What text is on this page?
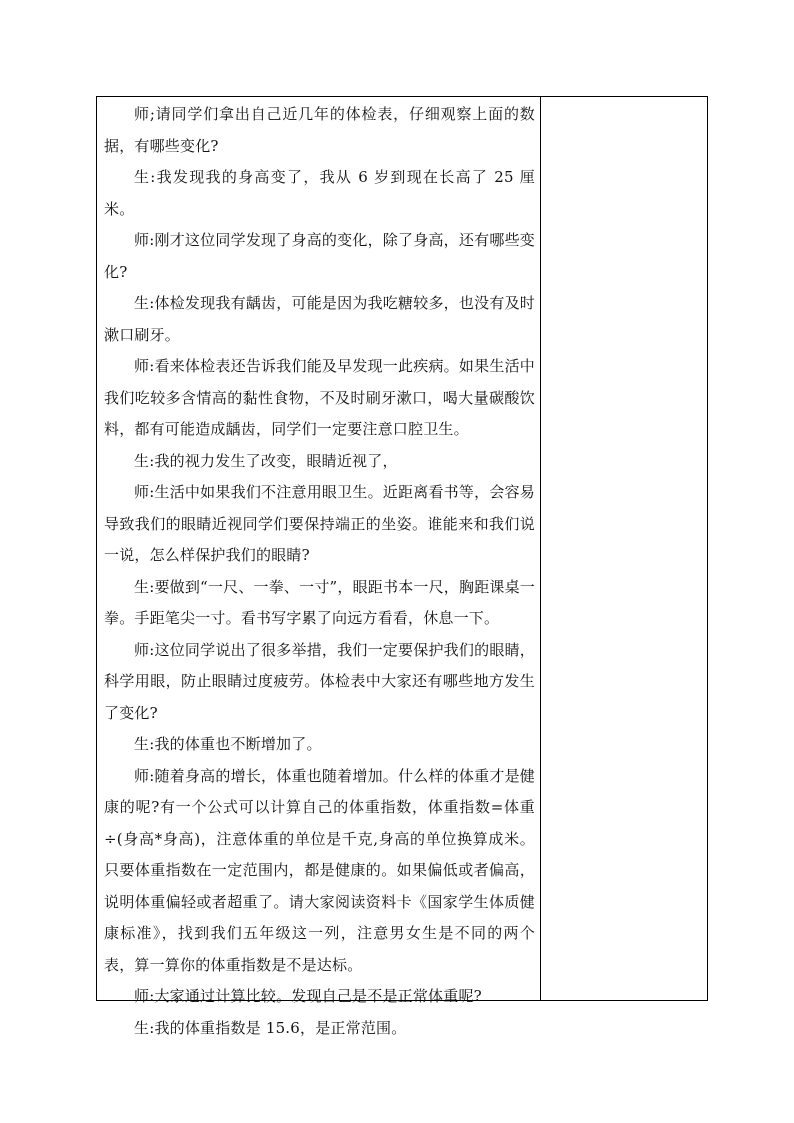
师;请同学们拿出自己近几年的体检表，仔细观察上面的数据，有哪些变化?

生:我发现我的身高变了，我从 6 岁到现在长高了 25 厘米。

师:刚才这位同学发现了身高的变化，除了身高，还有哪些变化?

生:体检发现我有龋齿，可能是因为我吃糖较多，也没有及时漱口刷牙。

师:看来体检表还告诉我们能及早发现一此疾病。如果生活中我们吃较多含情高的黏性食物，不及时刷牙漱口，喝大量碳酸饮料，都有可能造成龋齿，同学们一定要注意口腔卫生。

生:我的视力发生了改变，眼睛近视了，

师:生活中如果我们不注意用眼卫生。近距离看书等，会容易导致我们的眼睛近视同学们要保持端正的坐姿。谁能来和我们说一说，怎么样保护我们的眼睛?

生:要做到“一尺、一拳、一寸”，眼距书本一尺，胸距课桌一拳。手距笔尖一寸。看书写字累了向远方看看，休息一下。

师:这位同学说出了很多举措，我们一定要保护我们的眼睛，科学用眼，防止眼睛过度疲劳。体检表中大家还有哪些地方发生了变化?

生:我的体重也不断增加了。

师:随着身高的增长，体重也随着增加。什么样的体重才是健康的呢?有一个公式可以计算自己的体重指数，体重指数=体重÷(身高*身高)，注意体重的单位是千克,身高的单位换算成米。只要体重指数在一定范围内，都是健康的。如果偏低或者偏高，说明体重偏轻或者超重了。请大家阅读资料卡《国家学生体质健康标准》，找到我们五年级这一列，注意男女生是不同的两个表，算一算你的体重指数是不是达标。

师:大家通过计算比较。发现自己是不是正常体重呢?

生:我的体重指数是 15.6，是正常范围。
